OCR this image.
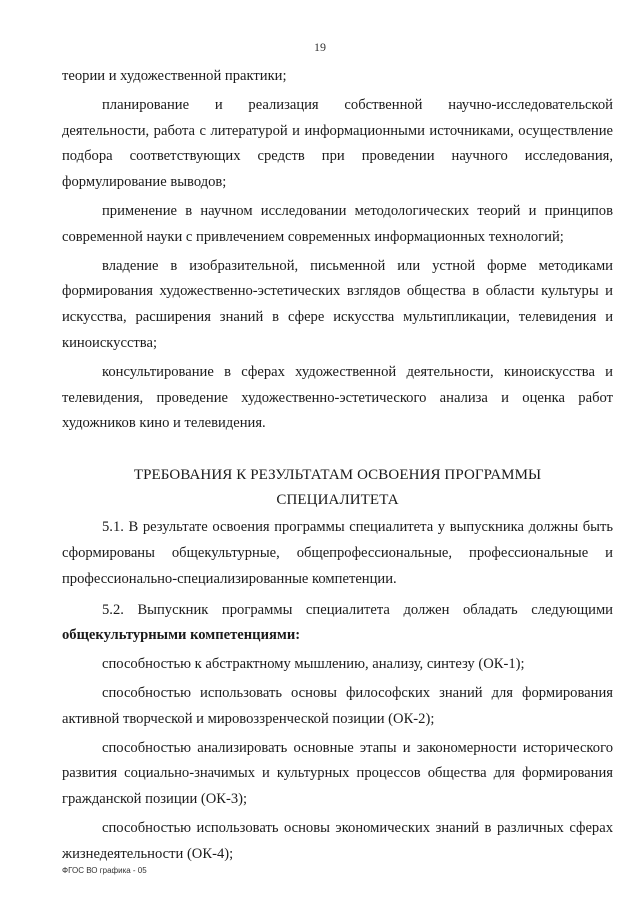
19

теории и художественной практики;

планирование и реализация собственной научно-исследовательской деятельности, работа с литературой и информационными источниками, осуществление подбора соответствующих средств при проведении научного исследования, формулирование выводов;

применение в научном исследовании методологических теорий и принципов современной науки с привлечением современных информационных технологий;

владение в изобразительной, письменной или устной форме методиками формирования художественно-эстетических взглядов общества в области культуры и искусства, расширения знаний в сфере искусства мультипликации, телевидения и киноискусства;

консультирование в сферах художественной деятельности, киноискусства и телевидения, проведение художественно-эстетического анализа и оценка работ художников кино и телевидения.

ТРЕБОВАНИЯ К РЕЗУЛЬТАТАМ ОСВОЕНИЯ ПРОГРАММЫ
СПЕЦИАЛИТЕТА

5.1. В результате освоения программы специалитета у выпускника должны быть сформированы общекультурные, общепрофессиональные, профессиональные и профессионально-специализированные компетенции.

5.2. Выпускник программы специалитета должен обладать следующими общекультурными компетенциями:

способностью к абстрактному мышлению, анализу, синтезу (ОК-1);

способностью использовать основы философских знаний для формирования активной творческой и мировоззренческой позиции (ОК-2);

способностью анализировать основные этапы и закономерности исторического развития социально-значимых и культурных процессов общества для формирования гражданской позиции (ОК-3);

способностью использовать основы экономических знаний в различных сферах жизнедеятельности (ОК-4);

ФГОС ВО графика - 05
